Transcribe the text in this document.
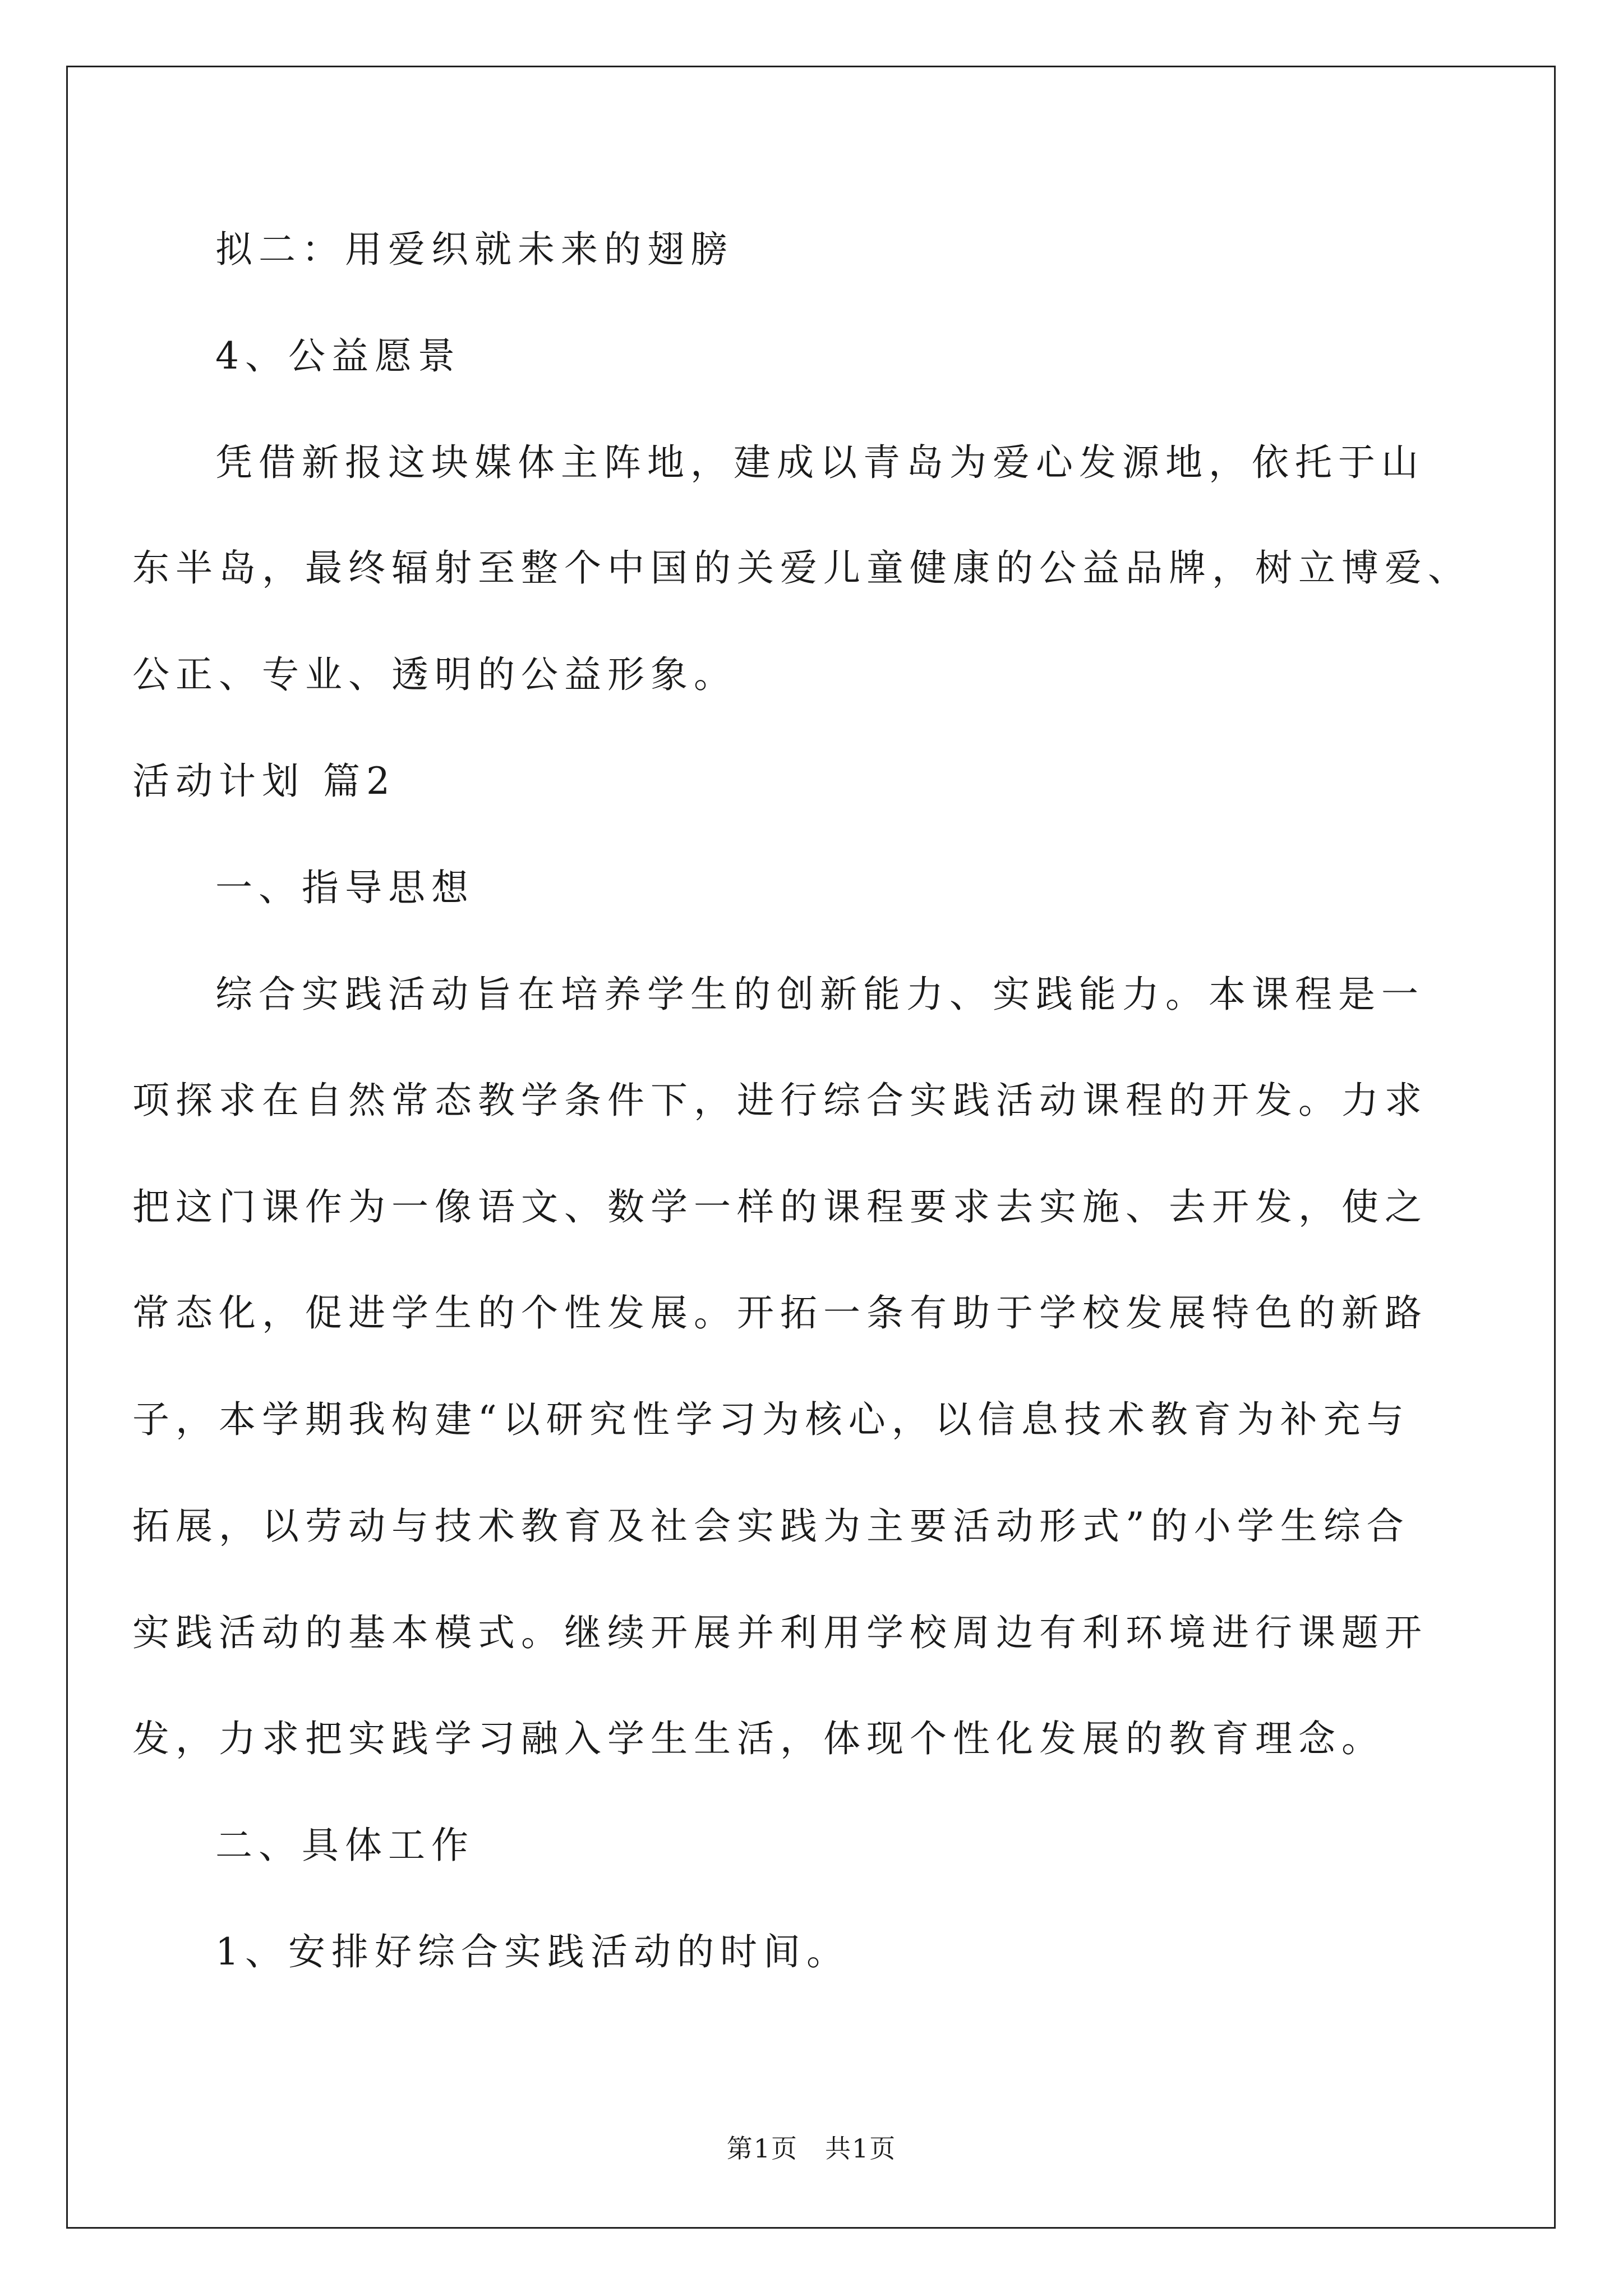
拟二：用爱织就未来的翅膀
4、公益愿景
凭借新报这块媒体主阵地，建成以青岛为爱心发源地，依托于山
东半岛，最终辐射至整个中国的关爱儿童健康的公益品牌，树立博爱、
公正、专业、透明的公益形象。
活动计划 篇2
一、指导思想
综合实践活动旨在培养学生的创新能力、实践能力。本课程是一
项探求在自然常态教学条件下，进行综合实践活动课程的开发。力求
把这门课作为一像语文、数学一样的课程要求去实施、去开发，使之
常态化，促进学生的个性发展。开拓一条有助于学校发展特色的新路
子，本学期我构建“以研究性学习为核心，以信息技术教育为补充与
拓展，以劳动与技术教育及社会实践为主要活动形式”的小学生综合
实践活动的基本模式。继续开展并利用学校周边有利环境进行课题开
发，力求把实践学习融入学生生活，体现个性化发展的教育理念。
二、具体工作
1、安排好综合实践活动的时间。
第1页　共1页
